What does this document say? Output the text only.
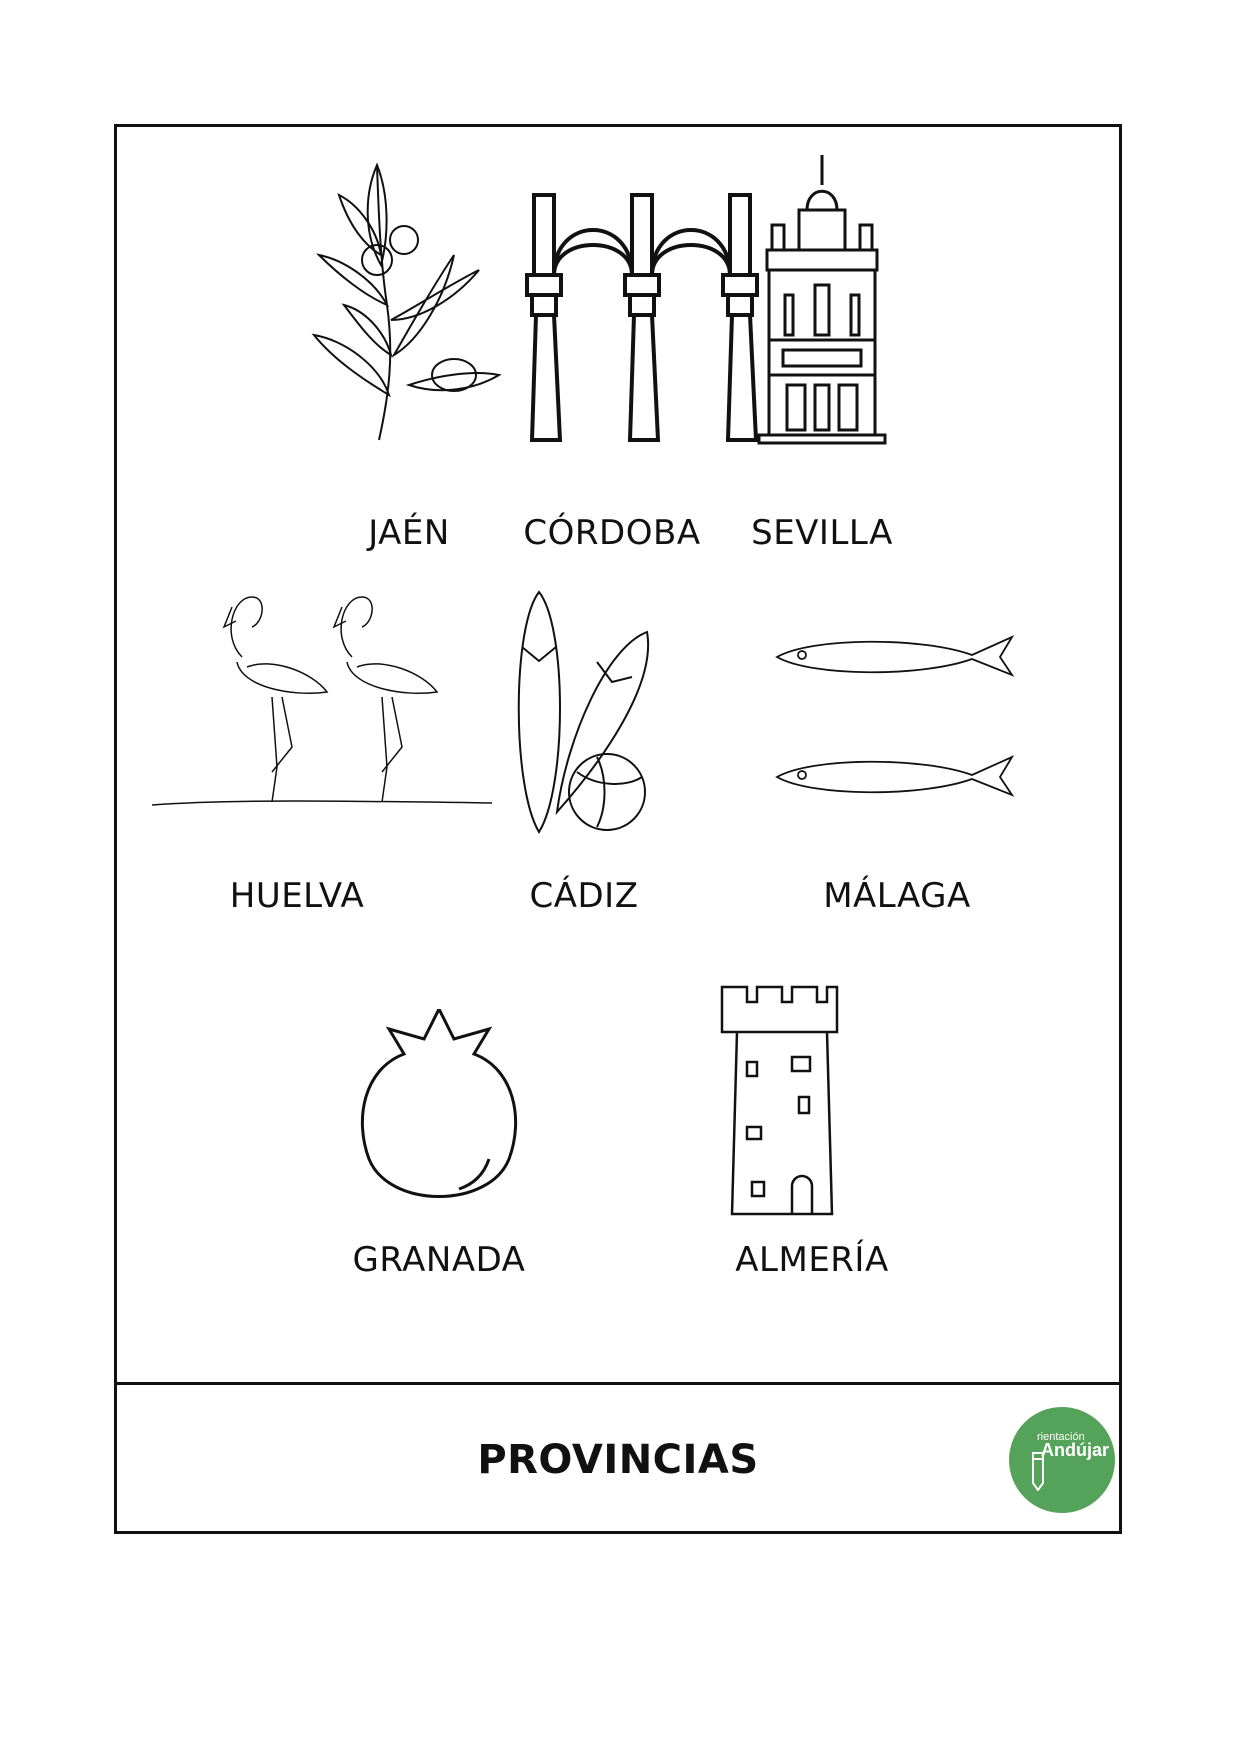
JAÉN	CÓRDOBA	SEVILLA
HUELVA	CÁDIZ	MÁLAGA
GRANADA	ALMERÍA
PROVINCIAS	rientación
Andújar
